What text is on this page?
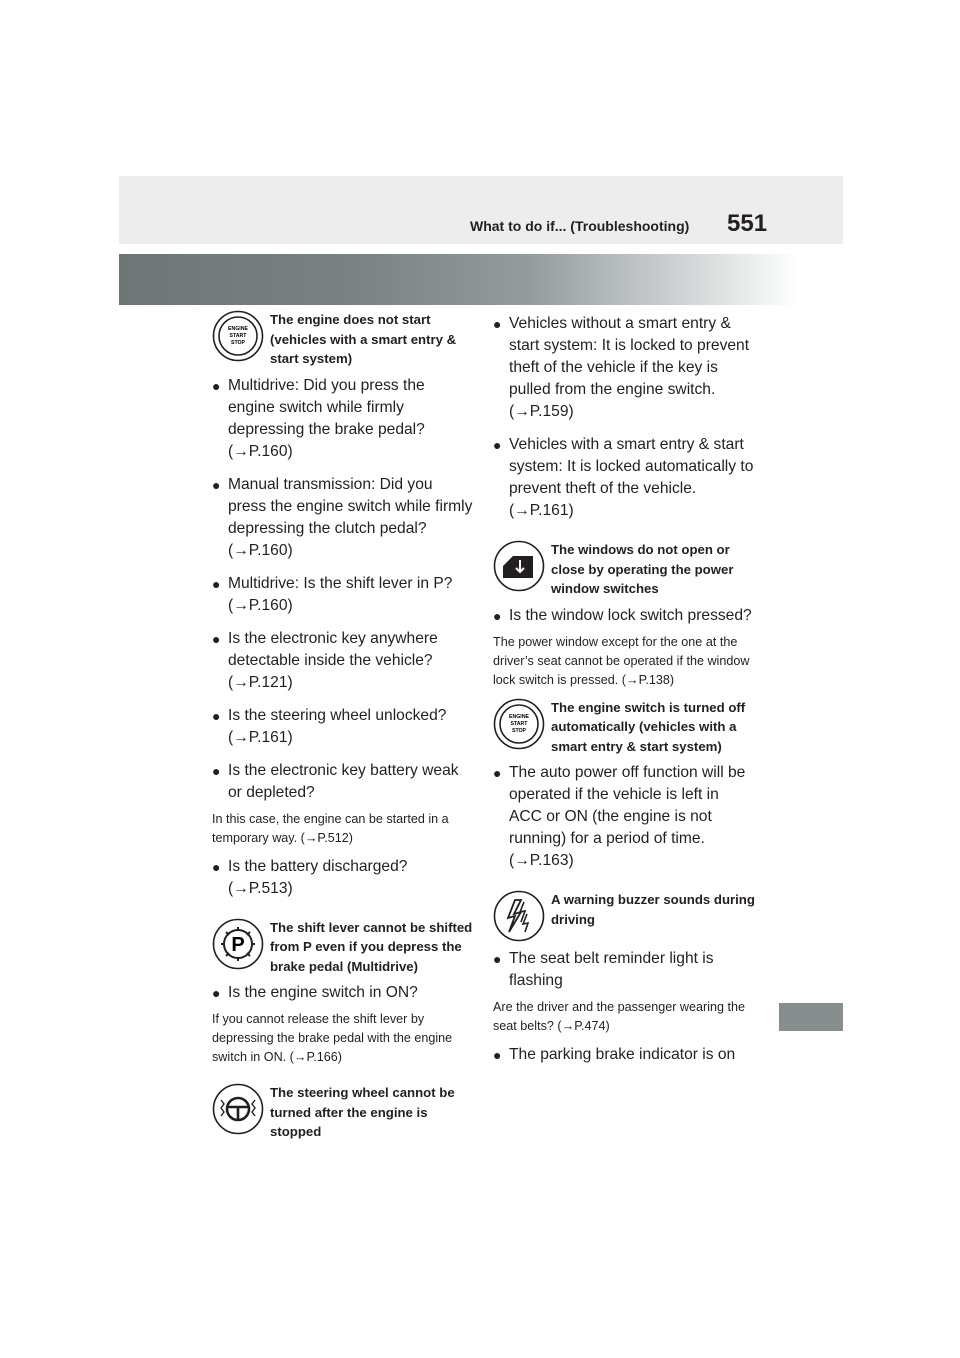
What to do if... (Troubleshooting) 551
ENGINE
START
STOP
The engine does not start (vehicles with a smart entry & start system)
● Multidrive: Did you press the engine switch while firmly depressing the brake pedal? (→P.160)
● Manual transmission: Did you press the engine switch while firmly depressing the clutch pedal? (→P.160)
● Multidrive: Is the shift lever in P? (→P.160)
● Is the electronic key anywhere detectable inside the vehicle? (→P.121)
● Is the steering wheel unlocked? (→P.161)
● Is the electronic key battery weak or depleted?
In this case, the engine can be started in a temporary way. (→P.512)
● Is the battery discharged? (→P.513)
P
The shift lever cannot be shifted from P even if you depress the brake pedal (Multidrive)
● Is the engine switch in ON?
If you cannot release the shift lever by depressing the brake pedal with the engine switch in ON. (→P.166)
The steering wheel cannot be turned after the engine is stopped
● Vehicles without a smart entry & start system: It is locked to prevent theft of the vehicle if the key is pulled from the engine switch. (→P.159)
● Vehicles with a smart entry & start system: It is locked automatically to prevent theft of the vehicle. (→P.161)
The windows do not open or close by operating the power window switches
● Is the window lock switch pressed?
The power window except for the one at the driver’s seat cannot be operated if the window lock switch is pressed. (→P.138)
ENGINE
START
STOP
The engine switch is turned off automatically (vehicles with a smart entry & start system)
● The auto power off function will be operated if the vehicle is left in ACC or ON (the engine is not running) for a period of time. (→P.163)
A warning buzzer sounds during driving
● The seat belt reminder light is flashing
Are the driver and the passenger wearing the seat belts? (→P.474)
● The parking brake indicator is on
